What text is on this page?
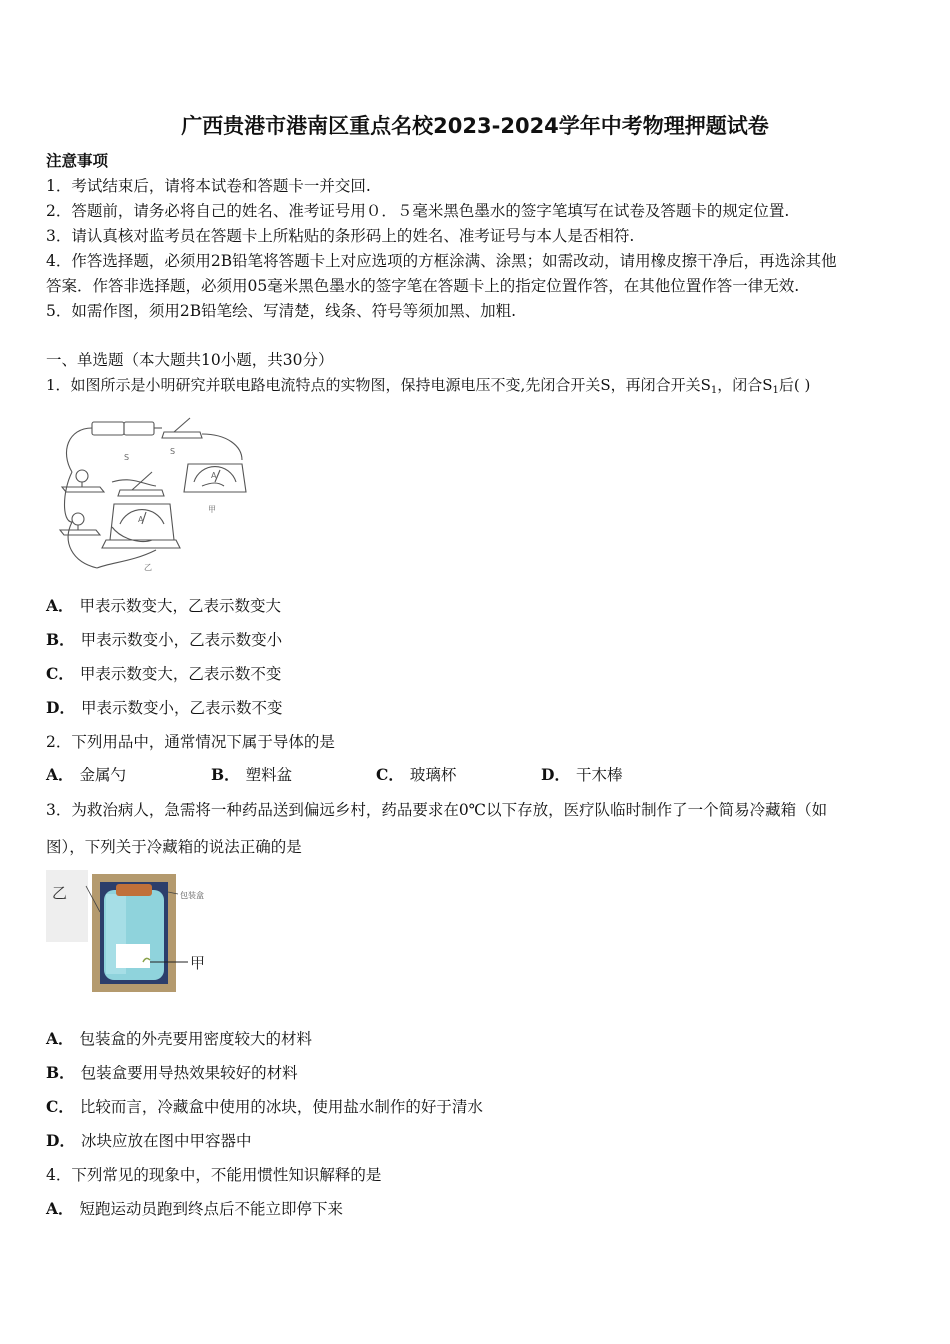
广西贵港市港南区重点名校2023-2024学年中考物理押题试卷
注意事项
1．考试结束后，请将本试卷和答题卡一并交回.
2．答题前，请务必将自己的姓名、准考证号用０．５毫米黑色墨水的签字笔填写在试卷及答题卡的规定位置.
3．请认真核对监考员在答题卡上所粘贴的条形码上的姓名、准考证号与本人是否相符.
4．作答选择题，必须用2B铅笔将答题卡上对应选项的方框涂满、涂黑；如需改动，请用橡皮擦干净后，再选涂其他
答案．作答非选择题，必须用05毫米黑色墨水的签字笔在答题卡上的指定位置作答，在其他位置作答一律无效.
5．如需作图，须用2B铅笔绘、写清楚，线条、符号等须加黑、加粗.
一、单选题（本大题共10小题，共30分）
1．如图所示是小明研究并联电路电流特点的实物图，保持电源电压不变,先闭合开关S，再闭合开关$S_1$，闭合$S_1$后( )
S
S
A
A
甲
乙
A． 甲表示数变大，乙表示数变大
B． 甲表示数变小，乙表示数变小
C． 甲表示数变大，乙表示数不变
D． 甲表示数变小，乙表示数不变
2．下列用品中，通常情况下属于导体的是
A． 金属勺	B． 塑料盆	C． 玻璃杯	D． 干木棒
3．为救治病人，急需将一种药品送到偏远乡村，药品要求在0℃以下存放，医疗队临时制作了一个简易冷藏箱（如
图），下列关于冷藏箱的说法正确的是
乙	包装盒
甲
A． 包装盒的外壳要用密度较大的材料
B． 包装盒要用导热效果较好的材料
C． 比较而言，冷藏盒中使用的冰块，使用盐水制作的好于清水
D． 冰块应放在图中甲容器中
4．下列常见的现象中，不能用惯性知识解释的是
A． 短跑运动员跑到终点后不能立即停下来
